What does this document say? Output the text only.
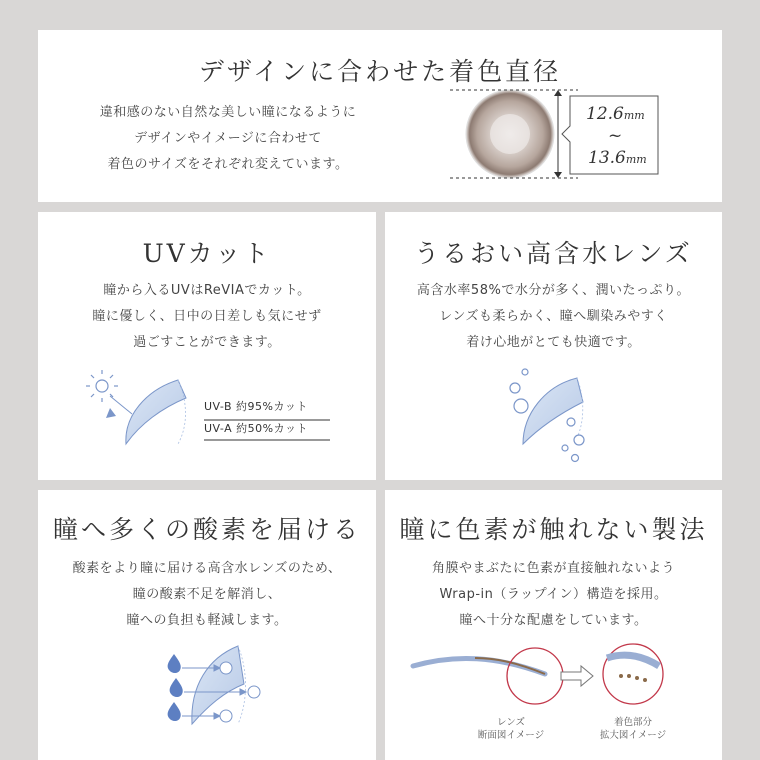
デザインに合わせた着色直径
違和感のない自然な美しい瞳になるように
デザインやイメージに合わせて
着色のサイズをそれぞれ変えています。
12.6mm
~
13.6mm
UVカット
瞳から入るUVはReVIAでカット。
瞳に優しく、日中の日差しも気にせず
過ごすことができます。
UV-B 約95%カット
UV-A 約50%カット
うるおい高含水レンズ
高含水率58%で水分が多く、潤いたっぷり。
レンズも柔らかく、瞳へ馴染みやすく
着け心地がとても快適です。
瞳へ多くの酸素を届ける
酸素をより瞳に届ける高含水レンズのため、
瞳の酸素不足を解消し、
瞳への負担も軽減します。
瞳に色素が触れない製法
角膜やまぶたに色素が直接触れないよう
Wrap-in（ラップイン）構造を採用。
瞳へ十分な配慮をしています。
レンズ
断面図イメージ
着色部分
拡大図イメージ
